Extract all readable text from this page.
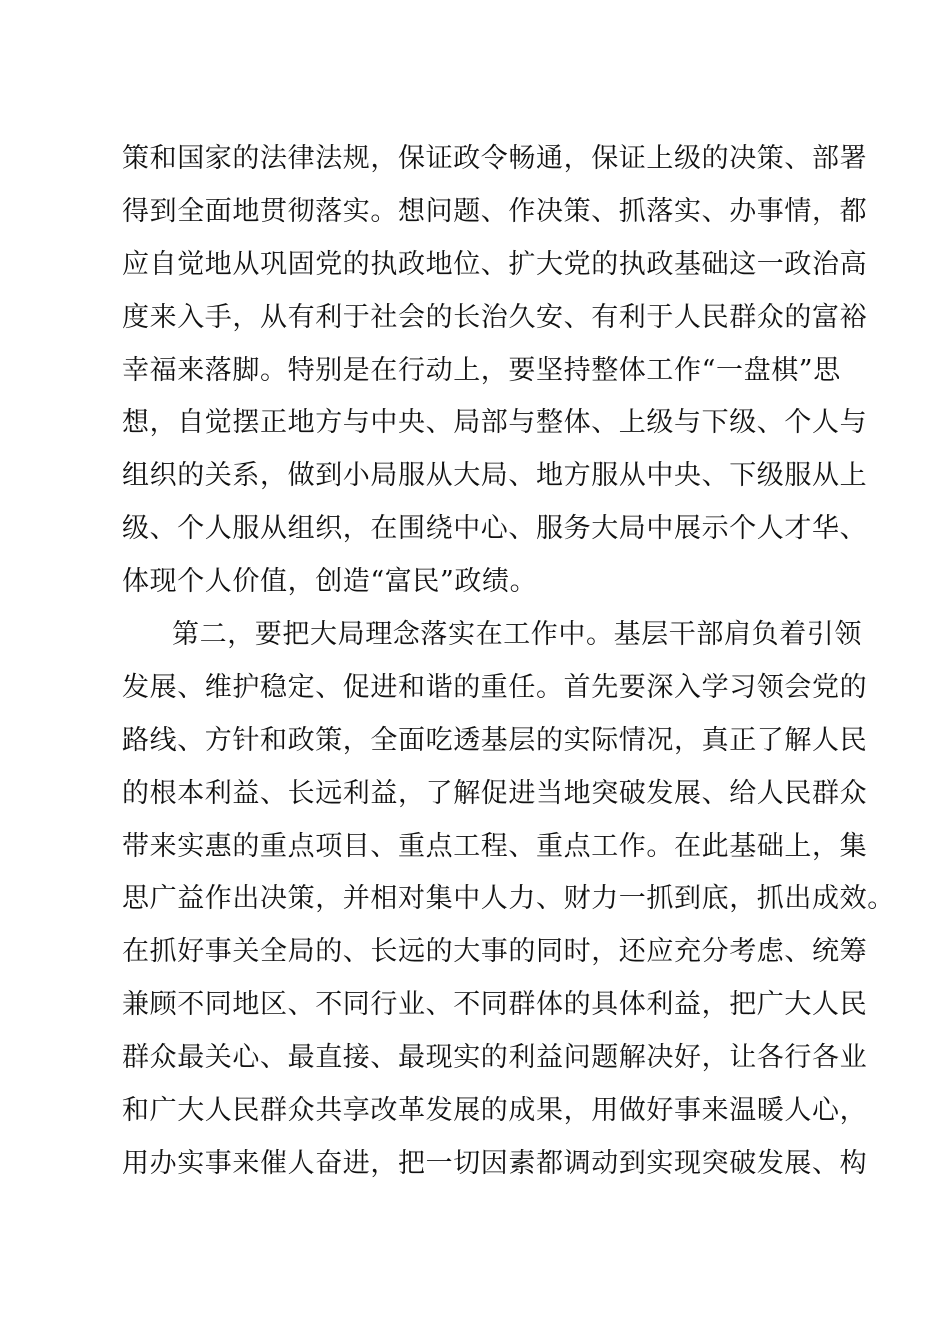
策和国家的法律法规，保证政令畅通，保证上级的决策、部署
得到全面地贯彻落实。想问题、作决策、抓落实、办事情，都
应自觉地从巩固党的执政地位、扩大党的执政基础这一政治高
度来入手，从有利于社会的长治久安、有利于人民群众的富裕
幸福来落脚。特别是在行动上，要坚持整体工作“一盘棋”思
想，自觉摆正地方与中央、局部与整体、上级与下级、个人与
组织的关系，做到小局服从大局、地方服从中央、下级服从上
级、个人服从组织，在围绕中心、服务大局中展示个人才华、
体现个人价值，创造“富民”政绩。
第二，要把大局理念落实在工作中。基层干部肩负着引领
发展、维护稳定、促进和谐的重任。首先要深入学习领会党的
路线、方针和政策，全面吃透基层的实际情况，真正了解人民
的根本利益、长远利益，了解促进当地突破发展、给人民群众
带来实惠的重点项目、重点工程、重点工作。在此基础上，集
思广益作出决策，并相对集中人力、财力一抓到底，抓出成效。
在抓好事关全局的、长远的大事的同时，还应充分考虑、统筹
兼顾不同地区、不同行业、不同群体的具体利益，把广大人民
群众最关心、最直接、最现实的利益问题解决好，让各行各业
和广大人民群众共享改革发展的成果，用做好事来温暖人心，
用办实事来催人奋进，把一切因素都调动到实现突破发展、构
